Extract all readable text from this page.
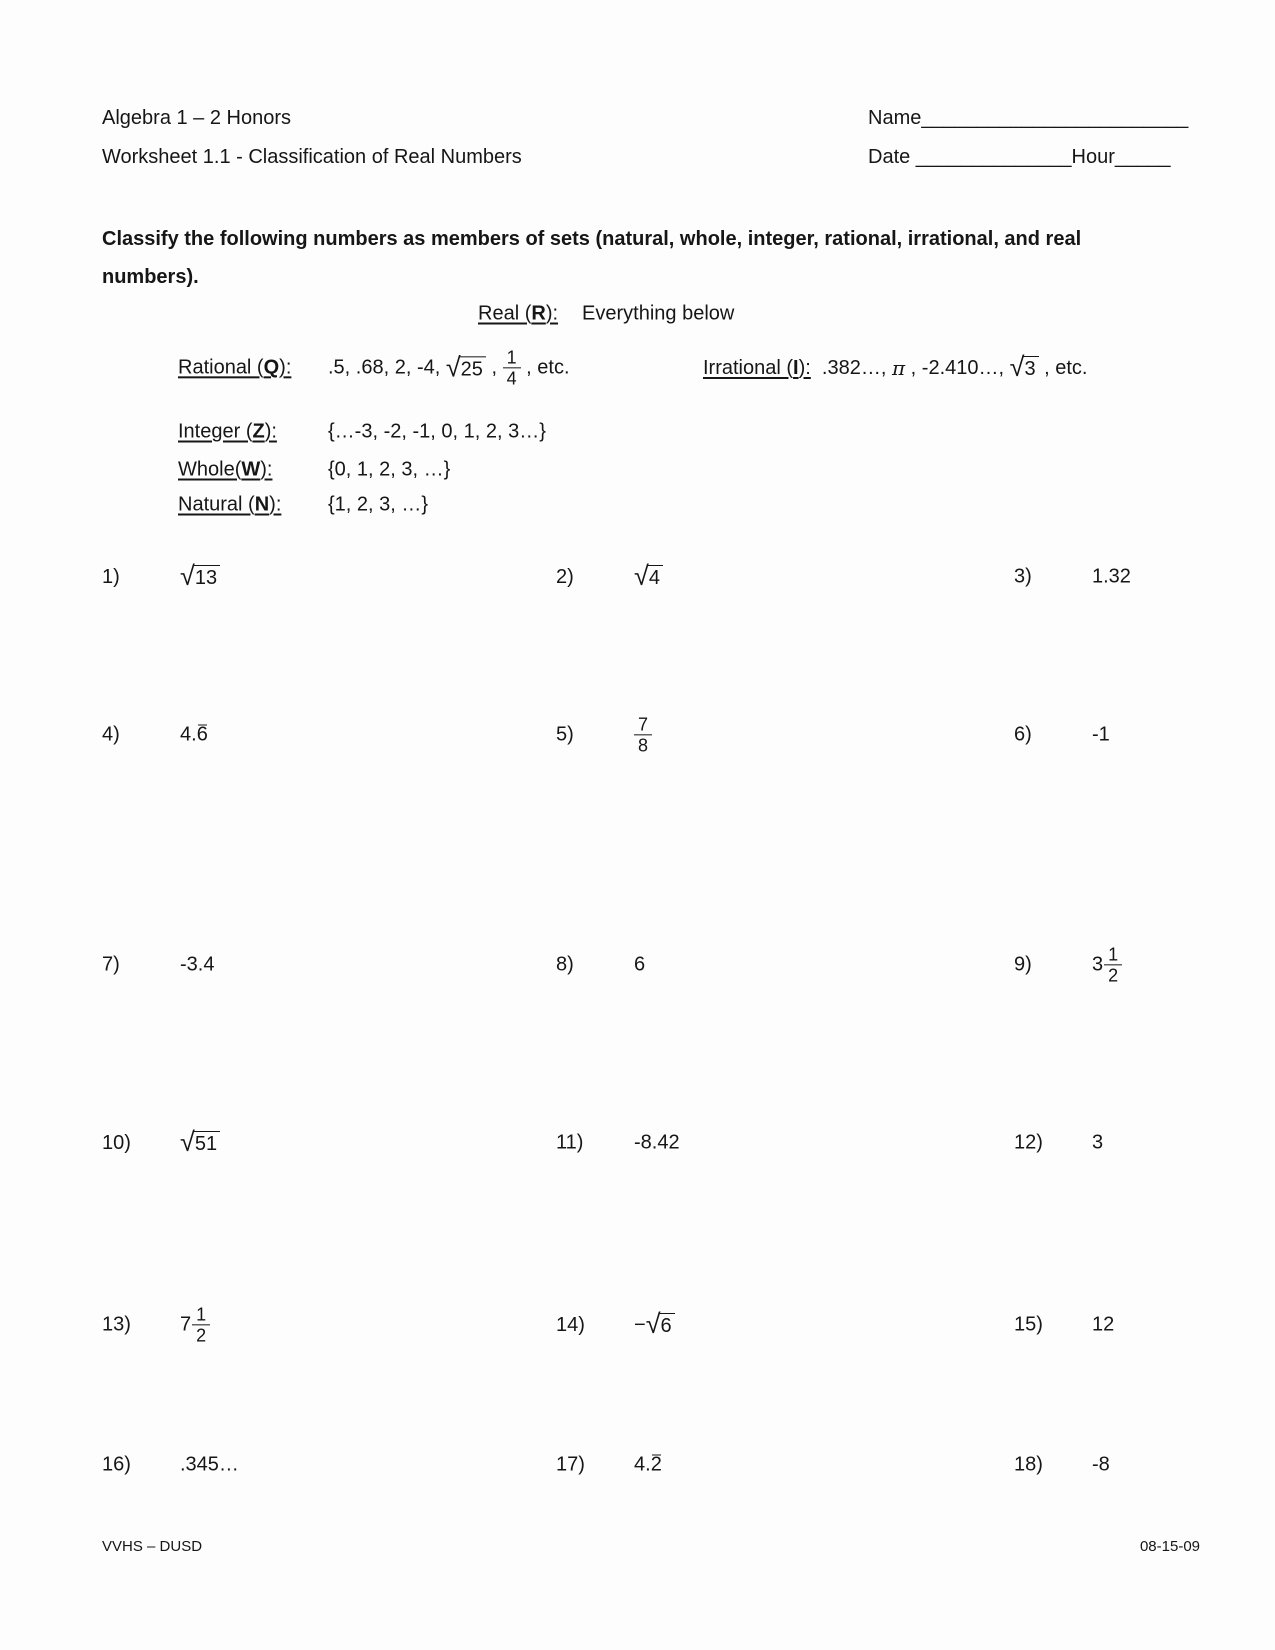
Algebra 1 – 2 Honors
Worksheet 1.1 - Classification of Real Numbers
Name________________________
Date ______________Hour_____
Classify the following numbers as members of sets (natural, whole, integer, rational, irrational, and real numbers).
Real (R): Everything below
Rational (Q):	.5, .68, 2, -4, √ 25 , $\frac{1}{4}$ , etc.	Irrational (I): .382…, π , -2.410…, √ 3 , etc.
Integer (Z):	{…-3, -2, -1, 0, 1, 2, 3…}
Whole(W):	{0, 1, 2, 3, …}
Natural (N):	{1, 2, 3, …}
1)	√ 13	2)	√ 4	3)	1.32
4)	4. 6	5)	$\frac{7}{8}$	6)	-1
7)	-3.4	8)	6	9)	$3 \frac{1}{2}$
10)	√ 51	11)	-8.42	12)	3
13)	$7 \frac{1}{2}$	14)	− √ 6	15)	12
16)	.345…	17)	4. 2	18)	-8
VVHS – DUSD	08-15-09
